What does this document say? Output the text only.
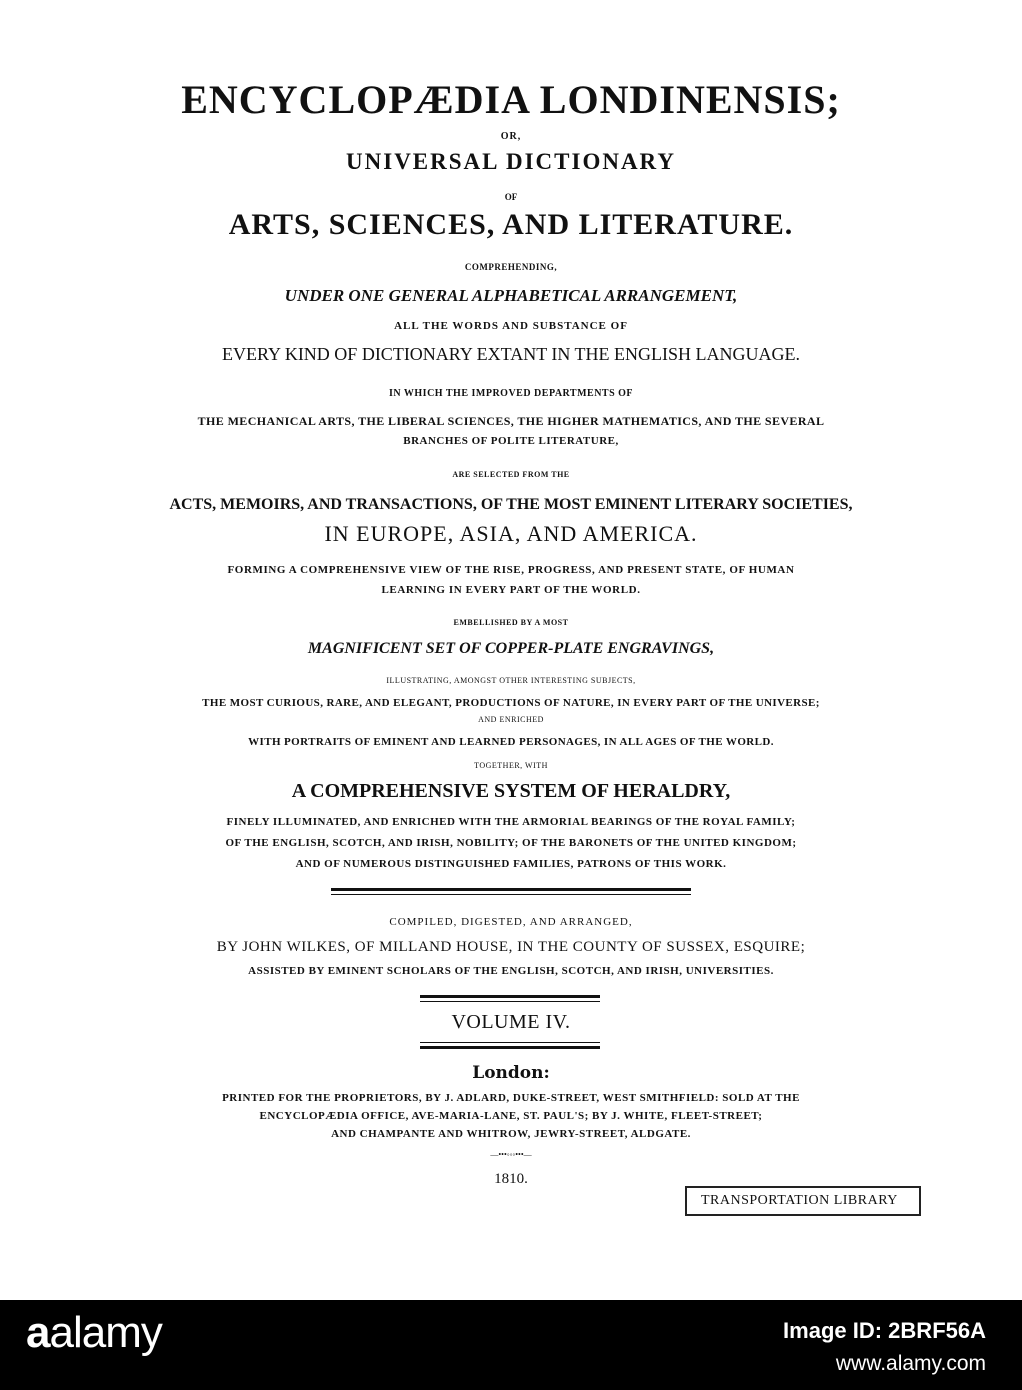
ENCYCLOPÆDIA LONDINENSIS;
OR,
UNIVERSAL DICTIONARY
OF
ARTS, SCIENCES, AND LITERATURE.
COMPREHENDING,
UNDER ONE GENERAL ALPHABETICAL ARRANGEMENT,
ALL THE WORDS AND SUBSTANCE OF
EVERY KIND OF DICTIONARY EXTANT IN THE ENGLISH LANGUAGE.
IN WHICH THE IMPROVED DEPARTMENTS OF
THE MECHANICAL ARTS, THE LIBERAL SCIENCES, THE HIGHER MATHEMATICS, AND THE SEVERAL
BRANCHES OF POLITE LITERATURE,
ARE SELECTED FROM THE
ACTS, MEMOIRS, AND TRANSACTIONS, OF THE MOST EMINENT LITERARY SOCIETIES,
IN EUROPE, ASIA, AND AMERICA.
FORMING A COMPREHENSIVE VIEW OF THE RISE, PROGRESS, AND PRESENT STATE, OF HUMAN
LEARNING IN EVERY PART OF THE WORLD.
EMBELLISHED BY A MOST
MAGNIFICENT SET OF COPPER-PLATE ENGRAVINGS,
ILLUSTRATING, AMONGST OTHER INTERESTING SUBJECTS,
THE MOST CURIOUS, RARE, AND ELEGANT, PRODUCTIONS OF NATURE, IN EVERY PART OF THE UNIVERSE;
AND ENRICHED
WITH PORTRAITS OF EMINENT AND LEARNED PERSONAGES, IN ALL AGES OF THE WORLD.
TOGETHER, WITH
A COMPREHENSIVE SYSTEM OF HERALDRY,
FINELY ILLUMINATED, AND ENRICHED WITH THE ARMORIAL BEARINGS OF THE ROYAL FAMILY;
OF THE ENGLISH, SCOTCH, AND IRISH, NOBILITY; OF THE BARONETS OF THE UNITED KINGDOM;
AND OF NUMEROUS DISTINGUISHED FAMILIES, PATRONS OF THIS WORK.
COMPILED, DIGESTED, AND ARRANGED,
BY JOHN WILKES, OF MILLAND HOUSE, IN THE COUNTY OF SUSSEX, ESQUIRE;
ASSISTED BY EMINENT SCHOLARS OF THE ENGLISH, SCOTCH, AND IRISH, UNIVERSITIES.
VOLUME IV.
London:
PRINTED FOR THE PROPRIETORS, BY J. ADLARD, DUKE-STREET, WEST SMITHFIELD: SOLD AT THE
ENCYCLOPÆDIA OFFICE, AVE-MARIA-LANE, ST. PAUL'S; BY J. WHITE, FLEET-STREET;
AND CHAMPANTE AND WHITROW, JEWRY-STREET, ALDGATE.
—•••◦◦◦•••—
1810.
TRANSPORTATION LIBRARY
aalamy	Image ID: 2BRF56A
www.alamy.com
